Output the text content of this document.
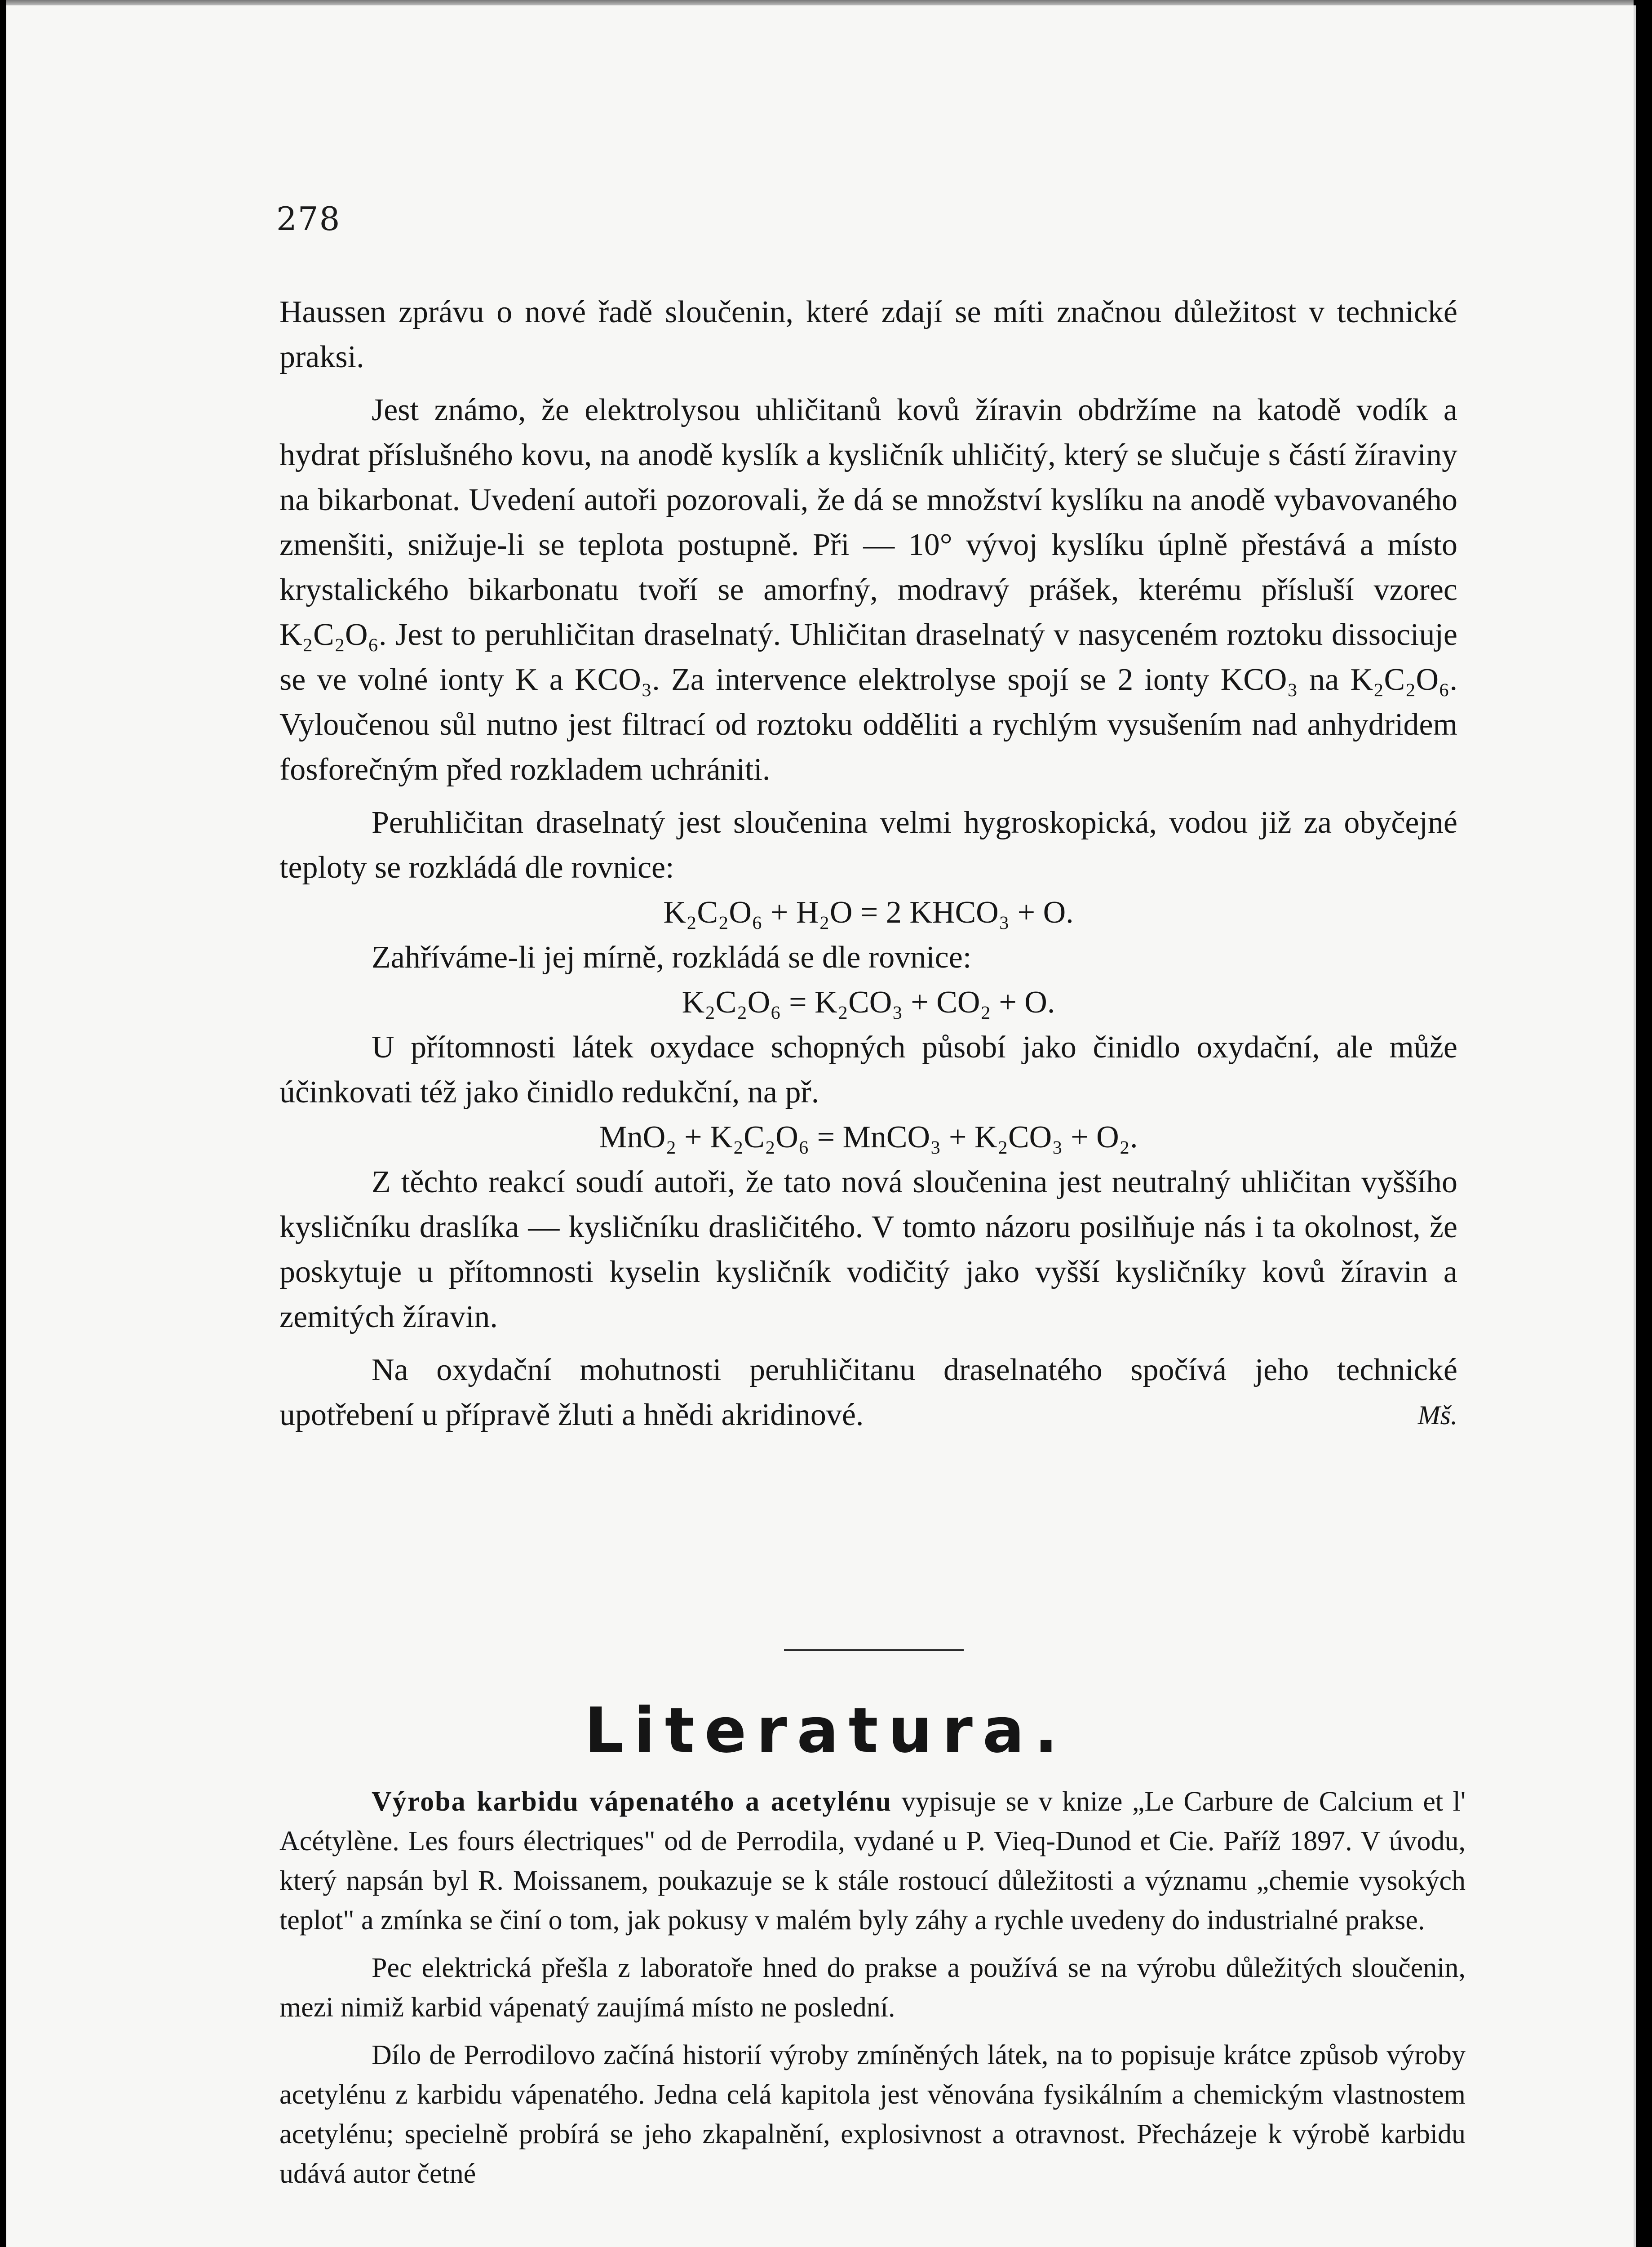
278

Haussen zprávu o nové řadě sloučenin, které zdají se míti značnou důležitost v technické praksi.

Jest známo, že elektrolysou uhličitanů kovů žíravin obdržíme na katodě vodík a hydrat příslušného kovu, na anodě kyslík a kysličník uhličitý, který se slučuje s částí žíraviny na bikarbonat. Uvedení autoři pozorovali, že dá se množství kyslíku na anodě vybavovaného zmenšiti, snižuje-li se teplota postupně. Při — 10° vývoj kyslíku úplně přestává a místo krystalického bikarbonatu tvoří se amorfný, modravý prášek, kterému přísluší vzorec K₂C₂O₆. Jest to peruhličitan draselnatý. Uhličitan draselnatý v nasyceném roztoku dissociuje se ve volné ionty K a KCO₃. Za intervence elektrolyse spojí se 2 ionty KCO₃ na K₂C₂O₆. Vyloučenou sůl nutno jest filtrací od roztoku odděliti a rychlým vysušením nad anhydridem fosforečným před rozkladem uchrániti.

Peruhličitan draselnatý jest sloučenina velmi hygroskopická, vodou již za obyčejné teploty se rozkládá dle rovnice:

K₂C₂O₆ + H₂O = 2 KHCO₃ + O.

Zahříváme-li jej mírně, rozkládá se dle rovnice:

K₂C₂O₆ = K₂CO₃ + CO₂ + O.

U přítomnosti látek oxydace schopných působí jako činidlo oxydační, ale může účinkovati též jako činidlo redukční, na př.

MnO₂ + K₂C₂O₆ = MnCO₃ + K₂CO₃ + O₂.

Z těchto reakcí soudí autoři, že tato nová sloučenina jest neutralný uhličitan vyššího kysličníku draslíka — kysličníku drasličitého. V tomto názoru posilňuje nás i ta okolnost, že poskytuje u přítomnosti kyselin kysličník vodičitý jako vyšší kysličníky kovů žíravin a zemitých žíravin.

Na oxydační mohutnosti peruhličitanu draselnatého spočívá jeho technické upotřebení u přípravě žluti a hnědi akridinové.	Mš.

Literatura.

Výroba karbidu vápenatého a acetylénu vypisuje se v knize „Le Carbure de Calcium et l' Acétylène. Les fours électriques" od de Perrodila, vydané u P. Vieq-Dunod et Cie. Paříž 1897. V úvodu, který napsán byl R. Moissanem, poukazuje se k stále rostoucí důležitosti a významu „chemie vysokých teplot" a zmínka se činí o tom, jak pokusy v malém byly záhy a rychle uvedeny do industrialné prakse.

Pec elektrická přešla z laboratoře hned do prakse a používá se na výrobu důležitých sloučenin, mezi nimiž karbid vápenatý zaujímá místo ne poslední.

Dílo de Perrodilovo začíná historií výroby zmíněných látek, na to popisuje krátce způsob výroby acetylénu z karbidu vápenatého. Jedna celá kapitola jest věnována fysikálním a chemickým vlastnostem acetylénu; specielně probírá se jeho zkapalnění, explosivnost a otravnost. Přecházeje k výrobě karbidu udává autor četné
